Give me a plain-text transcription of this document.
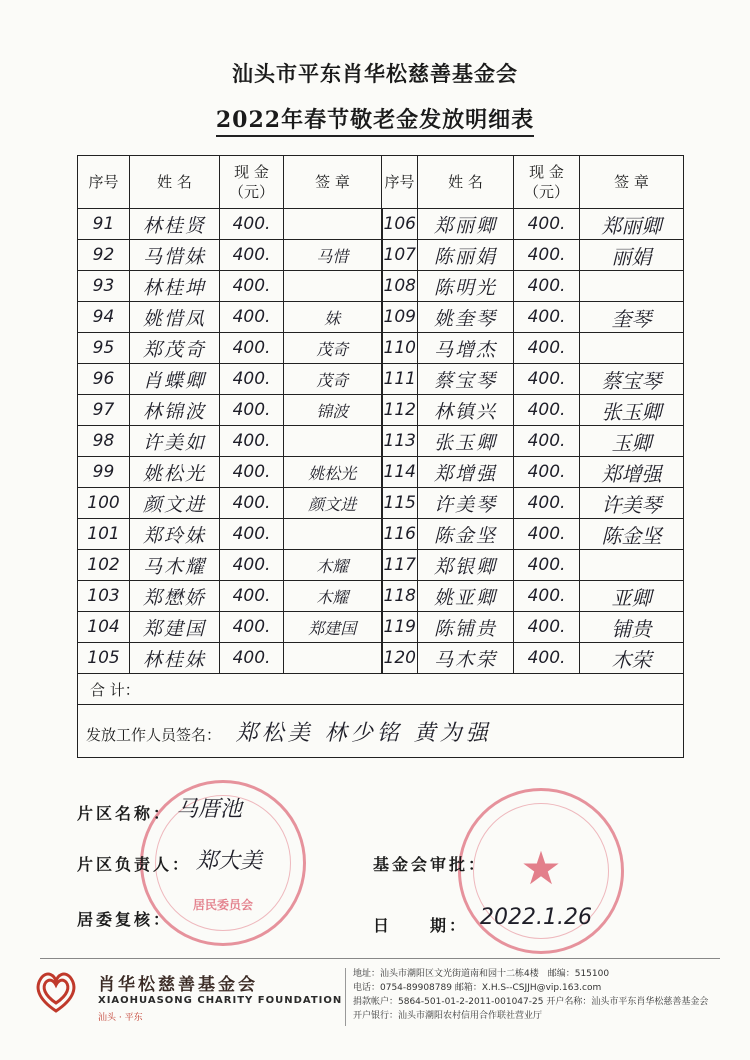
汕头市平东肖华松慈善基金会
2022年春节敬老金发放明细表
序号	姓 名	现 金（元）	签 章	序号	姓 名	现 金（元）	签 章
91	林桂贤	400.		106	郑丽卿	400.	郑丽卿
92	马惜妹	400.	马惜	107	陈丽娟	400.	丽娟
93	林桂坤	400.		108	陈明光	400.	
94	姚惜凤	400.	妹	109	姚奎琴	400.	奎琴
95	郑茂奇	400.	茂奇	110	马增杰	400.	
96	肖蝶卿	400.	茂奇	111	蔡宝琴	400.	蔡宝琴
97	林锦波	400.	锦波	112	林镇兴	400.	张玉卿
98	许美如	400.		113	张玉卿	400.	玉卿
99	姚松光	400.	姚松光	114	郑增强	400.	郑增强
100	颜文进	400.	颜文进	115	许美琴	400.	许美琴
101	郑玲妹	400.		116	陈金坚	400.	陈金坚
102	马木耀	400.	木耀	117	郑银卿	400.	
103	郑懋娇	400.	木耀	118	姚亚卿	400.	亚卿
104	郑建国	400.	郑建国	119	陈铺贵	400.	铺贵
105	林桂妹	400.		120	马木荣	400.	木荣
合 计：							
发放工作人员签名： 郑松美 林少铭 黄为强							
居民委员会
★
片区名称： 马厝池
片区负责人： 郑大美
居委复核：
基金会审批：
日　　期： 2022.1.26
肖华松慈善基金会
XIAOHUASONG CHARITY FOUNDATION
汕头 · 平东
地址：汕头市潮阳区文光街道南和园十二栋4楼　邮编：515100
电话：0754-89908789 邮箱：X.H.S--CSJJH@vip.163.com
捐款帐户：5864-501-01-2-2011-001047-25 开户名称：汕头市平东肖华松慈善基金会
开户银行：汕头市潮阳农村信用合作联社营业厅
